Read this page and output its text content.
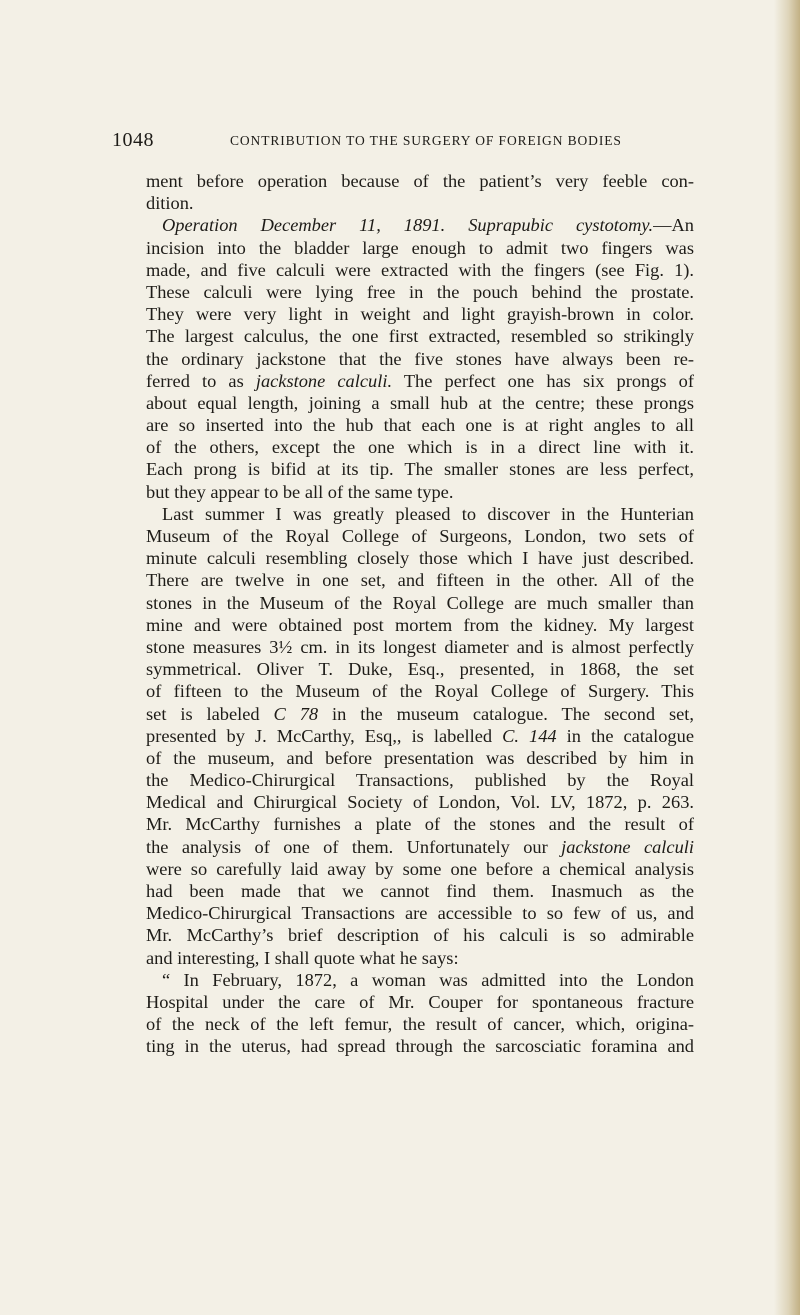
1048	CONTRIBUTION TO THE SURGERY OF FOREIGN BODIES
ment before operation because of the patient’s very feeble con-
dition.
Operation December 11, 1891. Suprapubic cystotomy.—An
incision into the bladder large enough to admit two fingers was
made, and five calculi were extracted with the fingers (see Fig. 1).
These calculi were lying free in the pouch behind the prostate.
They were very light in weight and light grayish-brown in color.
The largest calculus, the one first extracted, resembled so strikingly
the ordinary jackstone that the five stones have always been re-
ferred to as jackstone calculi. The perfect one has six prongs of
about equal length, joining a small hub at the centre; these prongs
are so inserted into the hub that each one is at right angles to all
of the others, except the one which is in a direct line with it.
Each prong is bifid at its tip. The smaller stones are less perfect,
but they appear to be all of the same type.
Last summer I was greatly pleased to discover in the Hunterian
Museum of the Royal College of Surgeons, London, two sets of
minute calculi resembling closely those which I have just described.
There are twelve in one set, and fifteen in the other. All of the
stones in the Museum of the Royal College are much smaller than
mine and were obtained post mortem from the kidney. My largest
stone measures 3½ cm. in its longest diameter and is almost perfectly
symmetrical. Oliver T. Duke, Esq., presented, in 1868, the set
of fifteen to the Museum of the Royal College of Surgery. This
set is labeled C 78 in the museum catalogue. The second set,
presented by J. McCarthy, Esq,, is labelled C. 144 in the catalogue
of the museum, and before presentation was described by him in
the Medico-Chirurgical Transactions, published by the Royal
Medical and Chirurgical Society of London, Vol. LV, 1872, p. 263.
Mr. McCarthy furnishes a plate of the stones and the result of
the analysis of one of them. Unfortunately our jackstone calculi
were so carefully laid away by some one before a chemical analysis
had been made that we cannot find them. Inasmuch as the
Medico-Chirurgical Transactions are accessible to so few of us, and
Mr. McCarthy’s brief description of his calculi is so admirable
and interesting, I shall quote what he says:
“ In February, 1872, a woman was admitted into the London
Hospital under the care of Mr. Couper for spontaneous fracture
of the neck of the left femur, the result of cancer, which, origina-
ting in the uterus, had spread through the sarcosciatic foramina and
